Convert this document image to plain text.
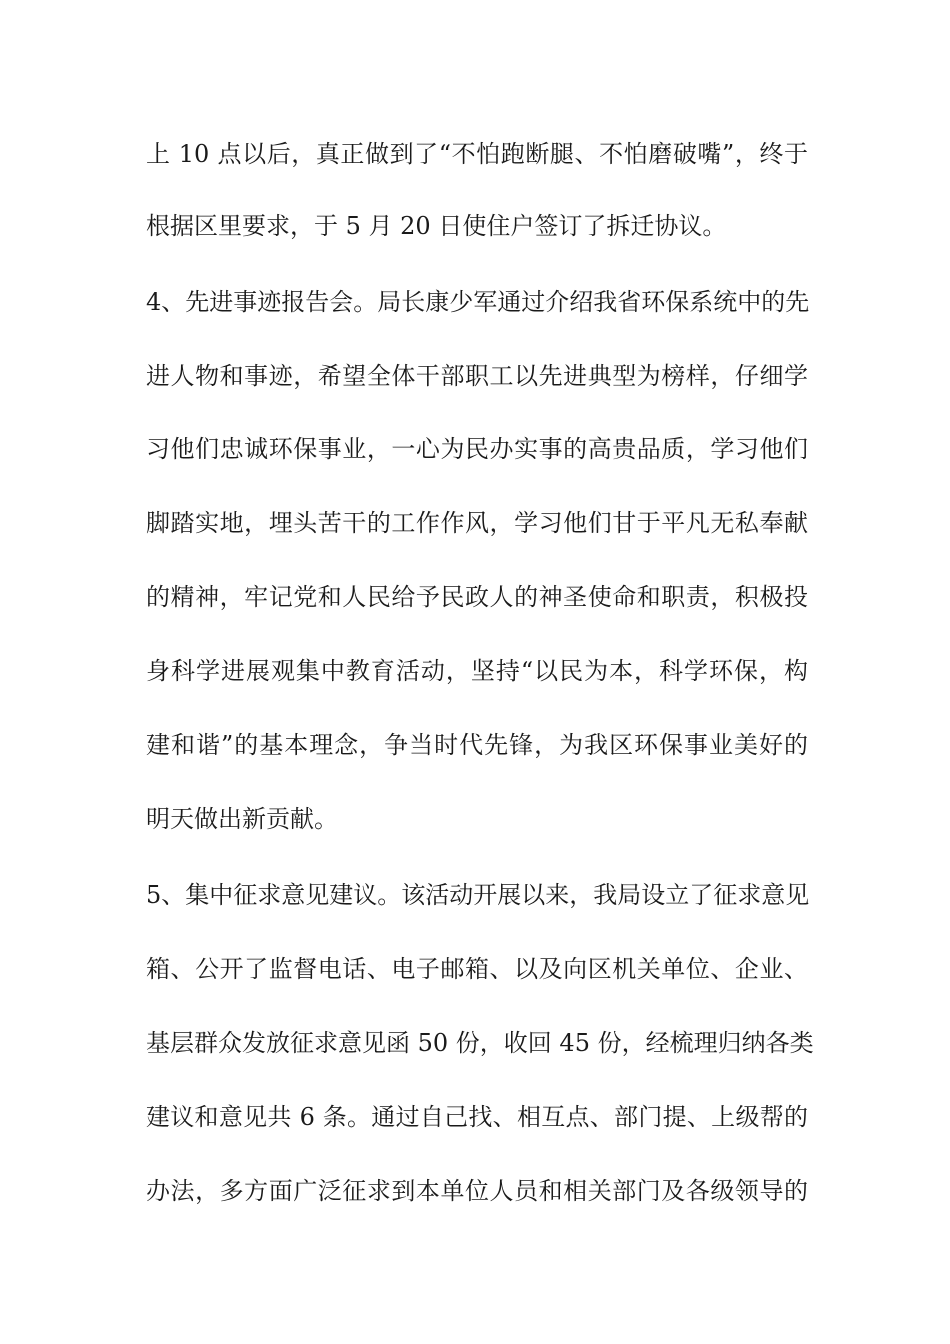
上 10 点以后，真正做到了“不怕跑断腿、不怕磨破嘴”，终于

根据区里要求，于 5 月 20 日使住户签订了拆迁协议。

4、先进事迹报告会。局长康少军通过介绍我省环保系统中的先

进人物和事迹，希望全体干部职工以先进典型为榜样，仔细学

习他们忠诚环保事业，一心为民办实事的高贵品质，学习他们

脚踏实地，埋头苦干的工作作风，学习他们甘于平凡无私奉献

的精神，牢记党和人民给予民政人的神圣使命和职责，积极投

身科学进展观集中教育活动，坚持“以民为本，科学环保，构

建和谐”的基本理念，争当时代先锋，为我区环保事业美好的

明天做出新贡献。

5、集中征求意见建议。该活动开展以来，我局设立了征求意见

箱、公开了监督电话、电子邮箱、以及向区机关单位、企业、

基层群众发放征求意见函 50 份，收回 45 份，经梳理归纳各类

建议和意见共 6 条。通过自己找、相互点、部门提、上级帮的

办法，多方面广泛征求到本单位人员和相关部门及各级领导的
